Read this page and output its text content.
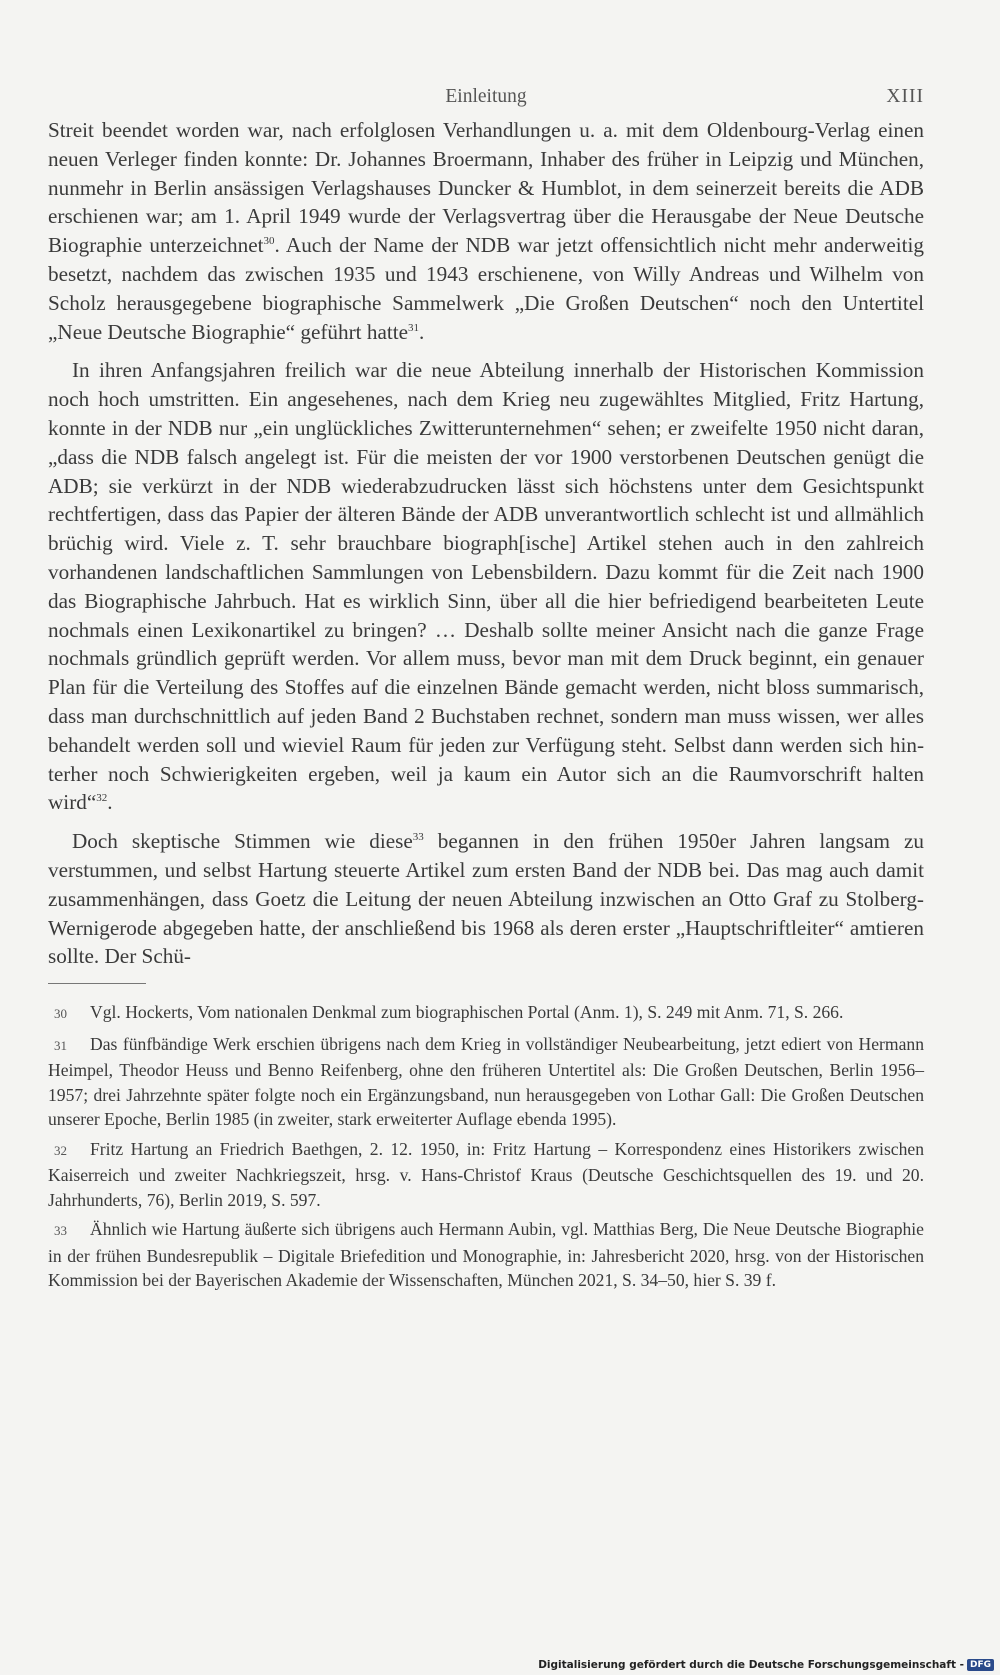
Einleitung	XIII

Streit beendet worden war, nach erfolglosen Verhandlungen u. a. mit dem Oldenbourg-Verlag einen neuen Verleger finden konnte: Dr. Johannes Broermann, Inhaber des früher in Leipzig und München, nunmehr in Berlin ansässigen Verlagshauses Duncker & Humblot, in dem seinerzeit bereits die ADB erschienen war; am 1. April 1949 wurde der Verlagsvertrag über die Herausgabe der Neue Deutsche Biographie unterzeichnet$^{30}$. Auch der Name der NDB war jetzt offensichtlich nicht mehr anderweitig besetzt, nachdem das zwischen 1935 und 1943 erschienene, von Willy Andreas und Wilhelm von Scholz herausgegebene biographische Sammelwerk „Die Großen Deutschen“ noch den Untertitel „Neue Deutsche Biographie“ geführt hatte$^{31}$.

In ihren Anfangsjahren freilich war die neue Abteilung innerhalb der Historischen Kommission noch hoch umstritten. Ein angesehenes, nach dem Krieg neu zugewähltes Mitglied, Fritz Hartung, konnte in der NDB nur „ein unglückliches Zwitterunternehmen“ sehen; er zweifelte 1950 nicht daran, „dass die NDB falsch angelegt ist. Für die meisten der vor 1900 verstorbenen Deutschen genügt die ADB; sie verkürzt in der NDB wiederabzudrucken lässt sich höchstens unter dem Gesichtspunkt rechtfertigen, dass das Papier der älteren Bände der ADB unverantwortlich schlecht ist und allmählich brüchig wird. Viele z. T. sehr brauchbare biograph[ische] Artikel stehen auch in den zahlreich vorhandenen landschaftlichen Sammlungen von Lebensbildern. Dazu kommt für die Zeit nach 1900 das Biographische Jahrbuch. Hat es wirklich Sinn, über all die hier befriedigend bearbeiteten Leute nochmals einen Lexikonartikel zu bringen? … Deshalb sollte meiner Ansicht nach die ganze Frage nochmals gründlich geprüft werden. Vor allem muss, bevor man mit dem Druck beginnt, ein genauer Plan für die Verteilung des Stoffes auf die einzelnen Bände gemacht werden, nicht bloss summarisch, dass man durchschnittlich auf jeden Band 2 Buchstaben rechnet, sondern man muss wissen, wer alles behandelt werden soll und wieviel Raum für jeden zur Verfügung steht. Selbst dann werden sich hinterher noch Schwierigkeiten ergeben, weil ja kaum ein Autor sich an die Raumvorschrift halten wird“$^{32}$.

Doch skeptische Stimmen wie diese$^{33}$ begannen in den frühen 1950er Jahren langsam zu verstummen, und selbst Hartung steuerte Artikel zum ersten Band der NDB bei. Das mag auch damit zusammenhängen, dass Goetz die Leitung der neuen Abteilung inzwischen an Otto Graf zu Stolberg-Wernigerode abgegeben hatte, der anschließend bis 1968 als deren erster „Hauptschriftleiter“ amtieren sollte. Der Schü-

30 Vgl. Hockerts, Vom nationalen Denkmal zum biographischen Portal (Anm. 1), S. 249 mit Anm. 71, S. 266.

31 Das fünfbändige Werk erschien übrigens nach dem Krieg in vollständiger Neubearbeitung, jetzt ediert von Hermann Heimpel, Theodor Heuss und Benno Reifenberg, ohne den früheren Untertitel als: Die Großen Deutschen, Berlin 1956–1957; drei Jahrzehnte später folgte noch ein Ergänzungsband, nun herausgegeben von Lothar Gall: Die Großen Deutschen unserer Epoche, Berlin 1985 (in zweiter, stark erweiterter Auflage ebenda 1995).

32 Fritz Hartung an Friedrich Baethgen, 2. 12. 1950, in: Fritz Hartung – Korrespondenz eines Historikers zwischen Kaiserreich und zweiter Nachkriegszeit, hrsg. v. Hans-Christof Kraus (Deutsche Geschichtsquellen des 19. und 20. Jahrhunderts, 76), Berlin 2019, S. 597.

33 Ähnlich wie Hartung äußerte sich übrigens auch Hermann Aubin, vgl. Matthias Berg, Die Neue Deutsche Biographie in der frühen Bundesrepublik – Digitale Briefedition und Monographie, in: Jahresbericht 2020, hrsg. von der Historischen Kommission bei der Bayerischen Akademie der Wissenschaften, München 2021, S. 34–50, hier S. 39 f.

Digitalisierung gefördert durch die Deutsche Forschungsgemeinschaft - DFG
